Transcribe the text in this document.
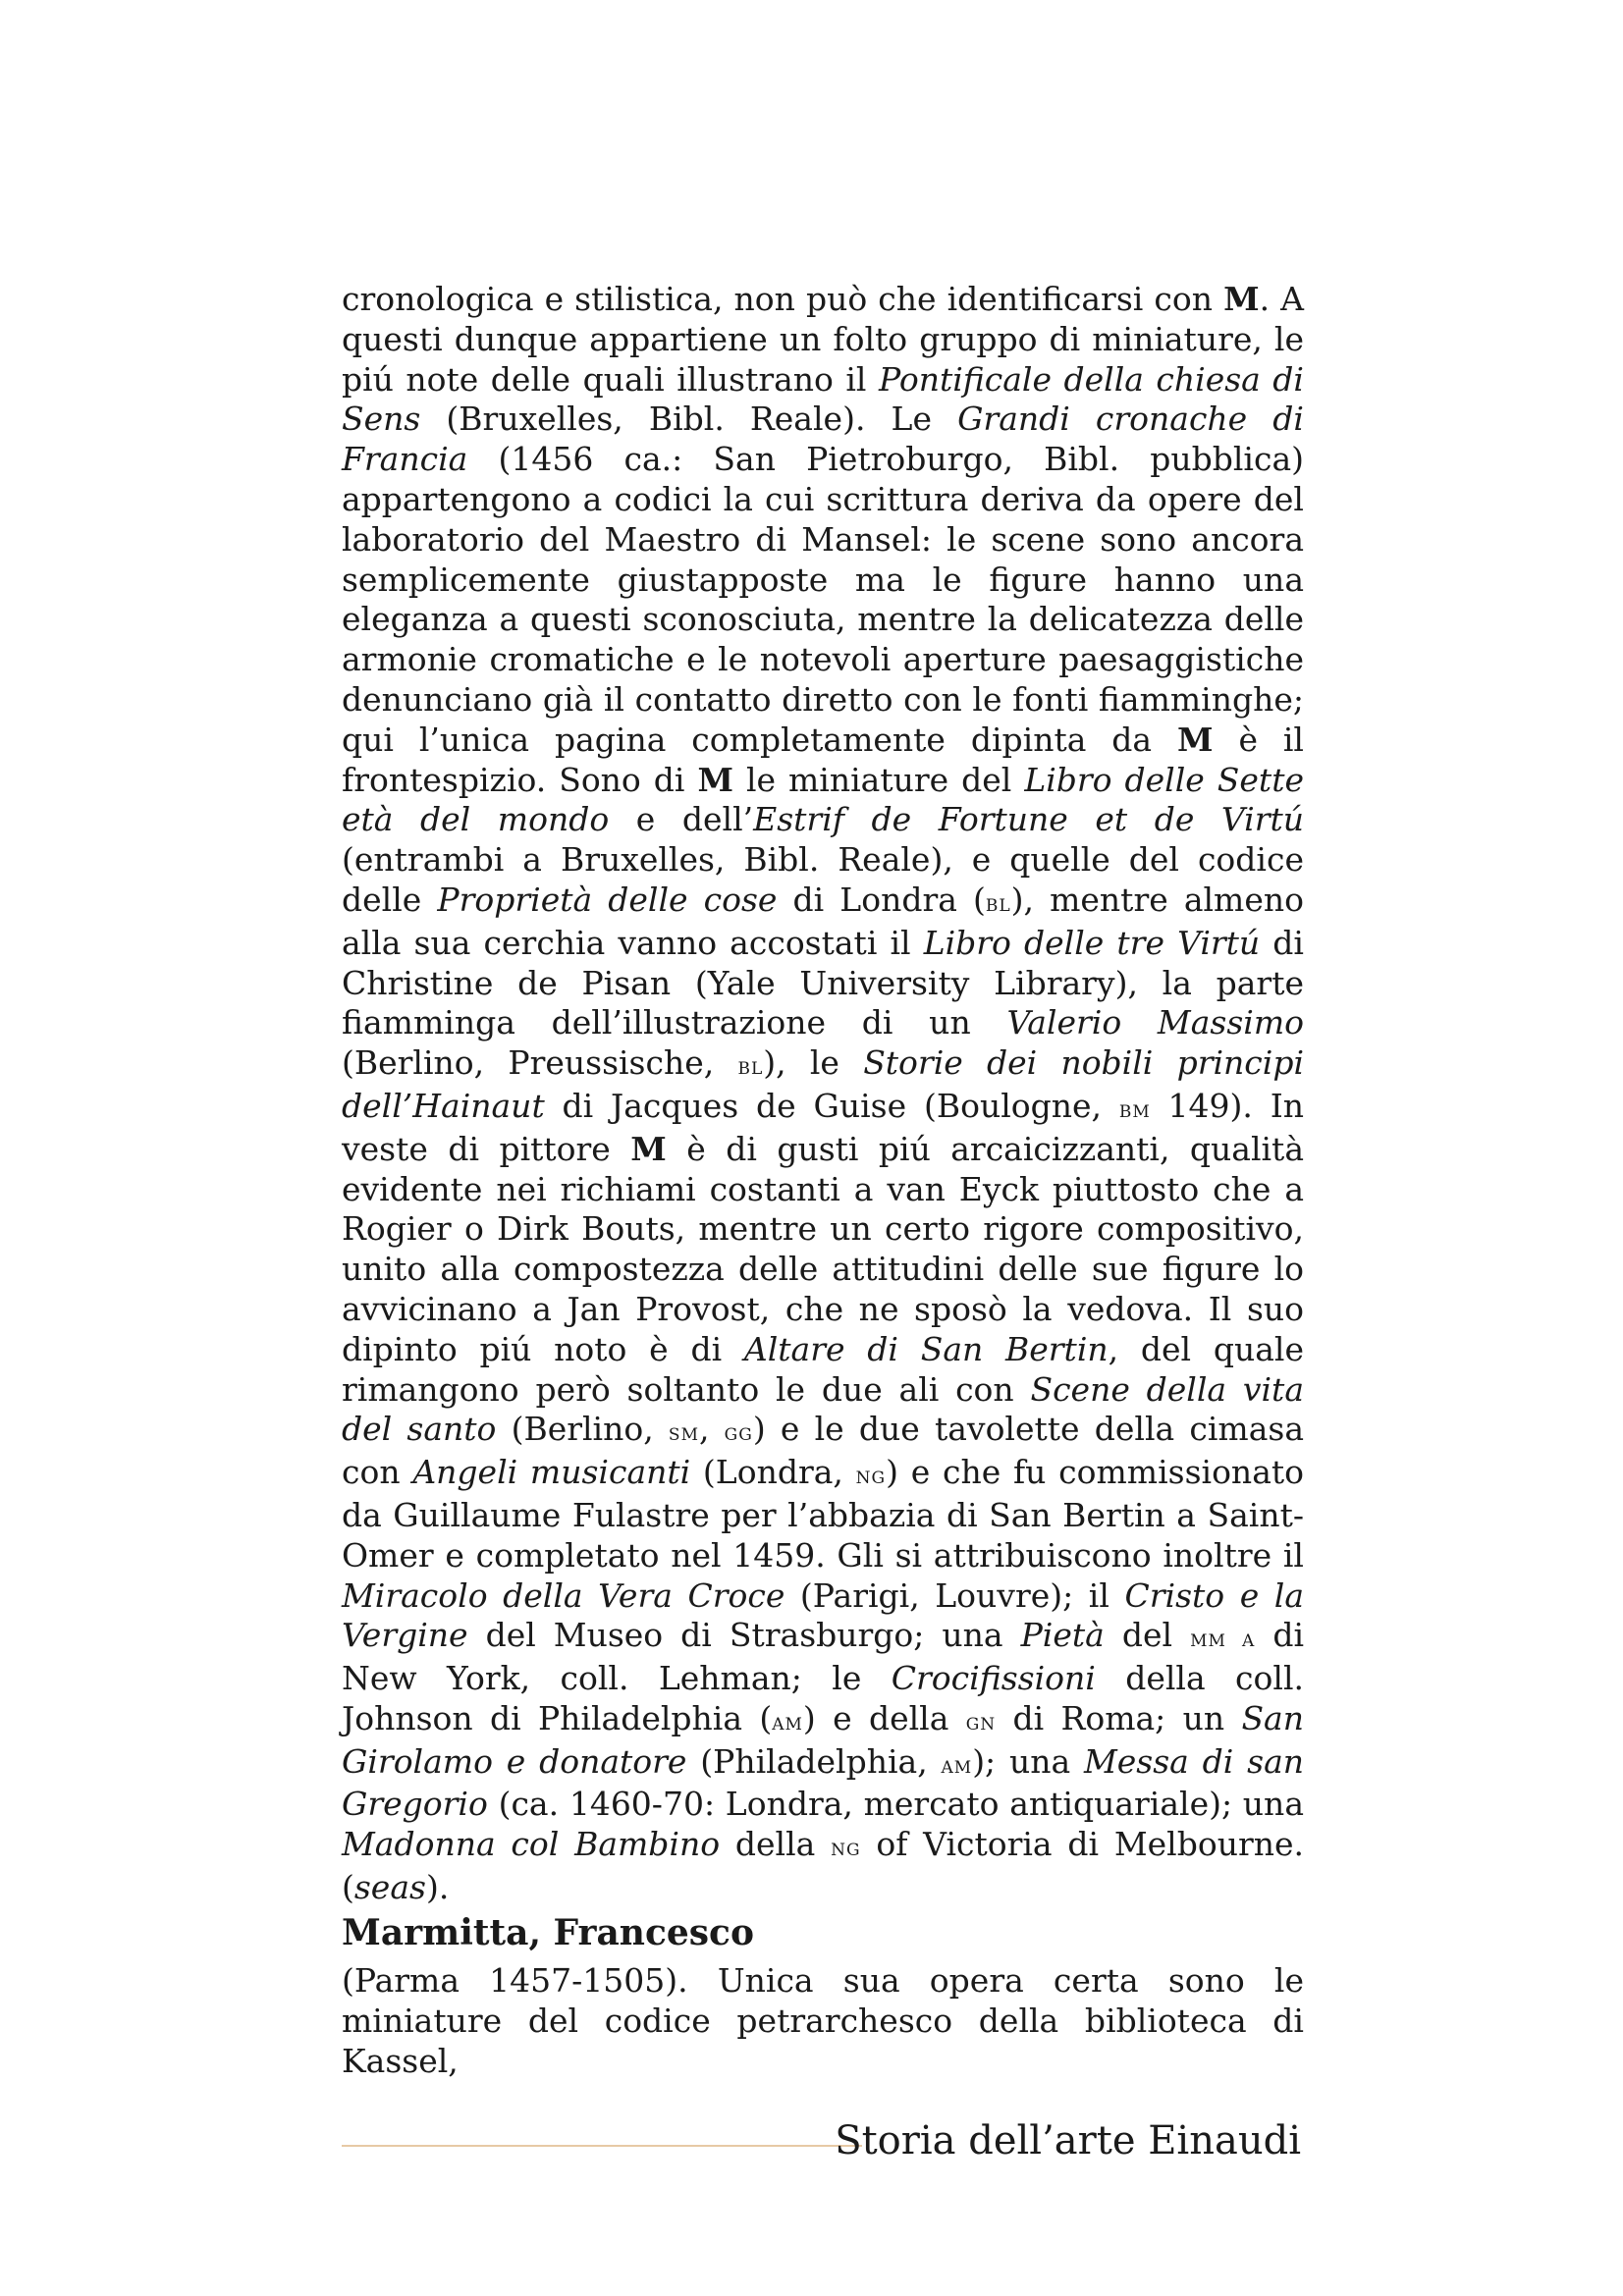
cronologica e stilistica, non può che identificarsi con M. A questi dunque appartiene un folto gruppo di miniature, le piú note delle quali illustrano il Pontificale della chiesa di Sens (Bruxelles, Bibl. Reale). Le Grandi cronache di Francia (1456 ca.: San Pietroburgo, Bibl. pubblica) appartengono a codici la cui scrittura deriva da opere del laboratorio del Maestro di Mansel: le scene sono ancora semplicemente giustapposte ma le figure hanno una eleganza a questi sconosciuta, mentre la delicatezza delle armonie cromatiche e le notevoli aperture paesaggistiche denunciano già il contatto diretto con le fonti fiamminghe; qui l’unica pagina completamente dipinta da M è il frontespizio. Sono di M le miniature del Libro delle Sette età del mondo e dell’Estrif de Fortune et de Virtú (entrambi a Bruxelles, Bibl. Reale), e quelle del codice delle Proprietà delle cose di Londra (bl), mentre almeno alla sua cerchia vanno accostati il Libro delle tre Virtú di Christine de Pisan (Yale University Library), la parte fiamminga dell’illustrazione di un Valerio Massimo (Berlino, Preussische, bl), le Storie dei nobili principi dell’Hainaut di Jacques de Guise (Boulogne, bm 149). In veste di pittore M è di gusti piú arcaicizzanti, qualità evidente nei richiami costanti a van Eyck piuttosto che a Rogier o Dirk Bouts, mentre un certo rigore compositivo, unito alla compostezza delle attitudini delle sue figure lo avvicinano a Jan Provost, che ne sposò la vedova. Il suo dipinto piú noto è di Altare di San Bertin, del quale rimangono però soltanto le due ali con Scene della vita del santo (Berlino, sm, gg) e le due tavolette della cimasa con Angeli musicanti (Londra, ng) e che fu commissionato da Guillaume Fulastre per l’abbazia di San Bertin a Saint-Omer e completato nel 1459. Gli si attribuiscono inoltre il Miracolo della Vera Croce (Parigi, Louvre); il Cristo e la Vergine del Museo di Strasburgo; una Pietà del mm a di New York, coll. Lehman; le Crocifissioni della coll. Johnson di Philadelphia (am) e della gn di Roma; un San Girolamo e donatore (Philadelphia, am); una Messa di san Gregorio (ca. 1460-70: Londra, mercato antiquariale); una Madonna col Bambino della ng of Victoria di Melbourne. (seas).

Marmitta, Francesco

(Parma 1457-1505). Unica sua opera certa sono le miniature del codice petrarchesco della biblioteca di Kassel,

Storia dell’arte Einaudi
